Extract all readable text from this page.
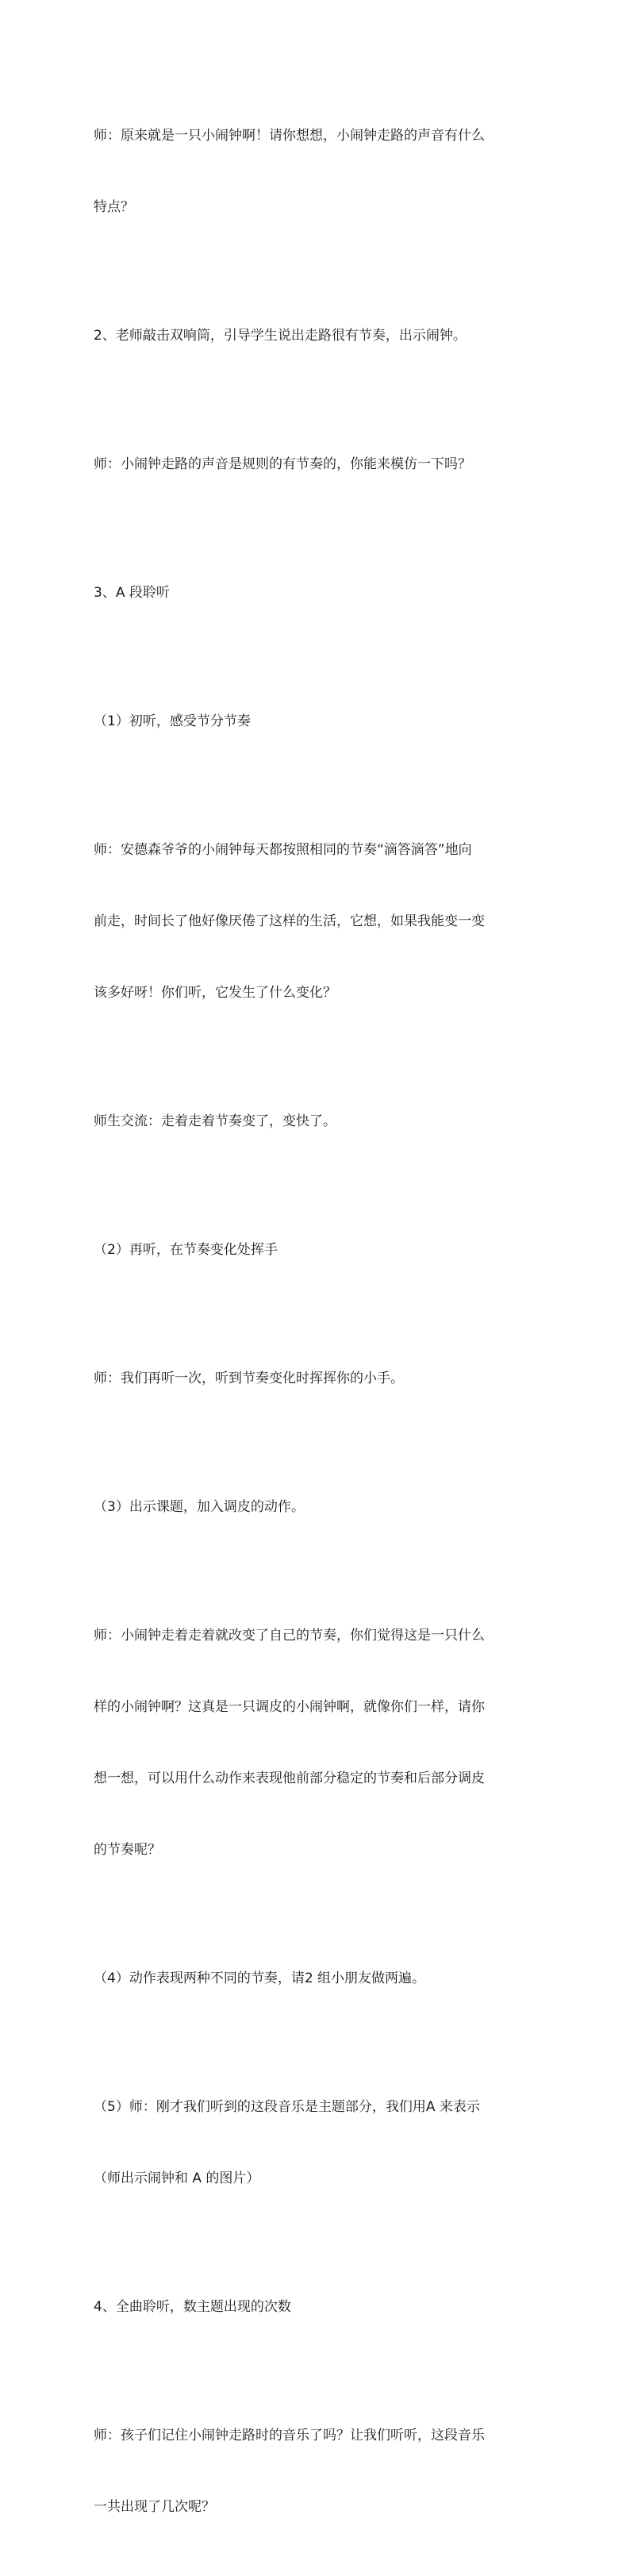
师：原来就是一只小闹钟啊！请你想想，小闹钟走路的声音有什么

特点？

2、老师敲击双响筒，引导学生说出走路很有节奏，出示闹钟。

师：小闹钟走路的声音是规则的有节奏的，你能来模仿一下吗？

3、A 段聆听

（1）初听，感受节分节奏

师：安德森爷爷的小闹钟每天都按照相同的节奏“滴答滴答”地向

前走，时间长了他好像厌倦了这样的生活，它想，如果我能变一变

该多好呀！你们听，它发生了什么变化？

师生交流：走着走着节奏变了，变快了。

（2）再听，在节奏变化处挥手

师：我们再听一次，听到节奏变化时挥挥你的小手。

（3）出示课题，加入调皮的动作。

师：小闹钟走着走着就改变了自己的节奏，你们觉得这是一只什么

样的小闹钟啊？这真是一只调皮的小闹钟啊，就像你们一样，请你

想一想，可以用什么动作来表现他前部分稳定的节奏和后部分调皮

的节奏呢？

（4）动作表现两种不同的节奏，请2 组小朋友做两遍。

（5）师：刚才我们听到的这段音乐是主题部分，我们用A 来表示

（师出示闹钟和 A 的图片）

4、全曲聆听，数主题出现的次数

师：孩子们记住小闹钟走路时的音乐了吗？让我们听听，这段音乐

一共出现了几次呢？
